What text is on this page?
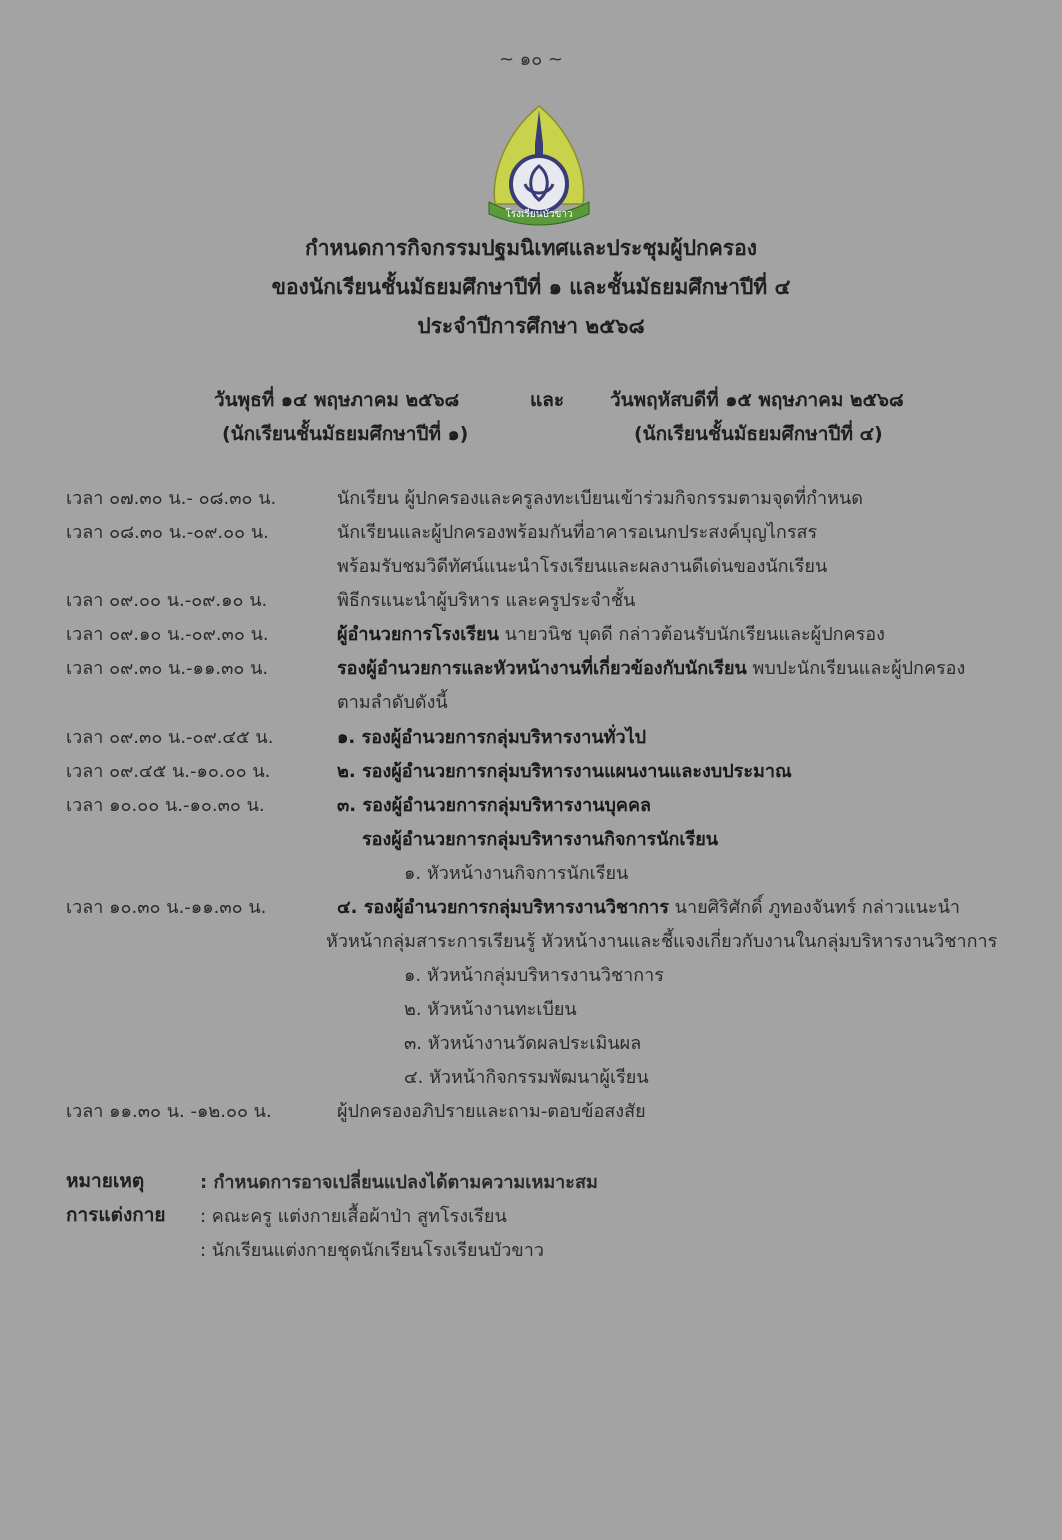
~ ๑๐ ~
โรงเรียนบัวขาว
กำหนดการกิจกรรมปฐมนิเทศและประชุมผู้ปกครอง
ของนักเรียนชั้นมัธยมศึกษาปีที่ ๑ และชั้นมัธยมศึกษาปีที่ ๔
ประจำปีการศึกษา ๒๕๖๘
วันพุธที่ ๑๔ พฤษภาคม ๒๕๖๘	และ วันพฤหัสบดีที่ ๑๕ พฤษภาคม ๒๕๖๘
(นักเรียนชั้นมัธยมศึกษาปีที่ ๑)	(นักเรียนชั้นมัธยมศึกษาปีที่ ๔)
เวลา ๐๗.๓๐ น.- ๐๘.๓๐ น.	นักเรียน ผู้ปกครองและครูลงทะเบียนเข้าร่วมกิจกรรมตามจุดที่กำหนด
เวลา ๐๘.๓๐ น.-๐๙.๐๐ น.	นักเรียนและผู้ปกครองพร้อมกันที่อาคารอเนกประสงค์บุญไกรสร
พร้อมรับชมวิดีทัศน์แนะนำโรงเรียนและผลงานดีเด่นของนักเรียน
เวลา ๐๙.๐๐ น.-๐๙.๑๐ น.	พิธีกรแนะนำผู้บริหาร และครูประจำชั้น
เวลา ๐๙.๑๐ น.-๐๙.๓๐ น.	ผู้อำนวยการโรงเรียน นายวนิช บุดดี กล่าวต้อนรับนักเรียนและผู้ปกครอง
เวลา ๐๙.๓๐ น.-๑๑.๓๐ น.	รองผู้อำนวยการและหัวหน้างานที่เกี่ยวข้องกับนักเรียน พบปะนักเรียนและผู้ปกครอง
ตามลำดับดังนี้
เวลา ๐๙.๓๐ น.-๐๙.๔๕ น.	๑. รองผู้อำนวยการกลุ่มบริหารงานทั่วไป
เวลา ๐๙.๔๕ น.-๑๐.๐๐ น.	๒. รองผู้อำนวยการกลุ่มบริหารงานแผนงานและงบประมาณ
เวลา ๑๐.๐๐ น.-๑๐.๓๐ น.	๓. รองผู้อำนวยการกลุ่มบริหารงานบุคคล
รองผู้อำนวยการกลุ่มบริหารงานกิจการนักเรียน
๑. หัวหน้างานกิจการนักเรียน
เวลา ๑๐.๓๐ น.-๑๑.๓๐ น.	๔. รองผู้อำนวยการกลุ่มบริหารงานวิชาการ นายศิริศักดิ์ ภูทองจันทร์ กล่าวแนะนำ
หัวหน้ากลุ่มสาระการเรียนรู้ หัวหน้างานและชี้แจงเกี่ยวกับงานในกลุ่มบริหารงานวิชาการ
๑. หัวหน้ากลุ่มบริหารงานวิชาการ
๒. หัวหน้างานทะเบียน
๓. หัวหน้างานวัดผลประเมินผล
๔. หัวหน้ากิจกรรมพัฒนาผู้เรียน
เวลา ๑๑.๓๐ น. -๑๒.๐๐ น.	ผู้ปกครองอภิปรายและถาม-ตอบข้อสงสัย
หมายเหตุ	: กำหนดการอาจเปลี่ยนแปลงได้ตามความเหมาะสม
การแต่งกาย : คณะครู แต่งกายเสื้อผ้าป่า สูทโรงเรียน
: นักเรียนแต่งกายชุดนักเรียนโรงเรียนบัวขาว
